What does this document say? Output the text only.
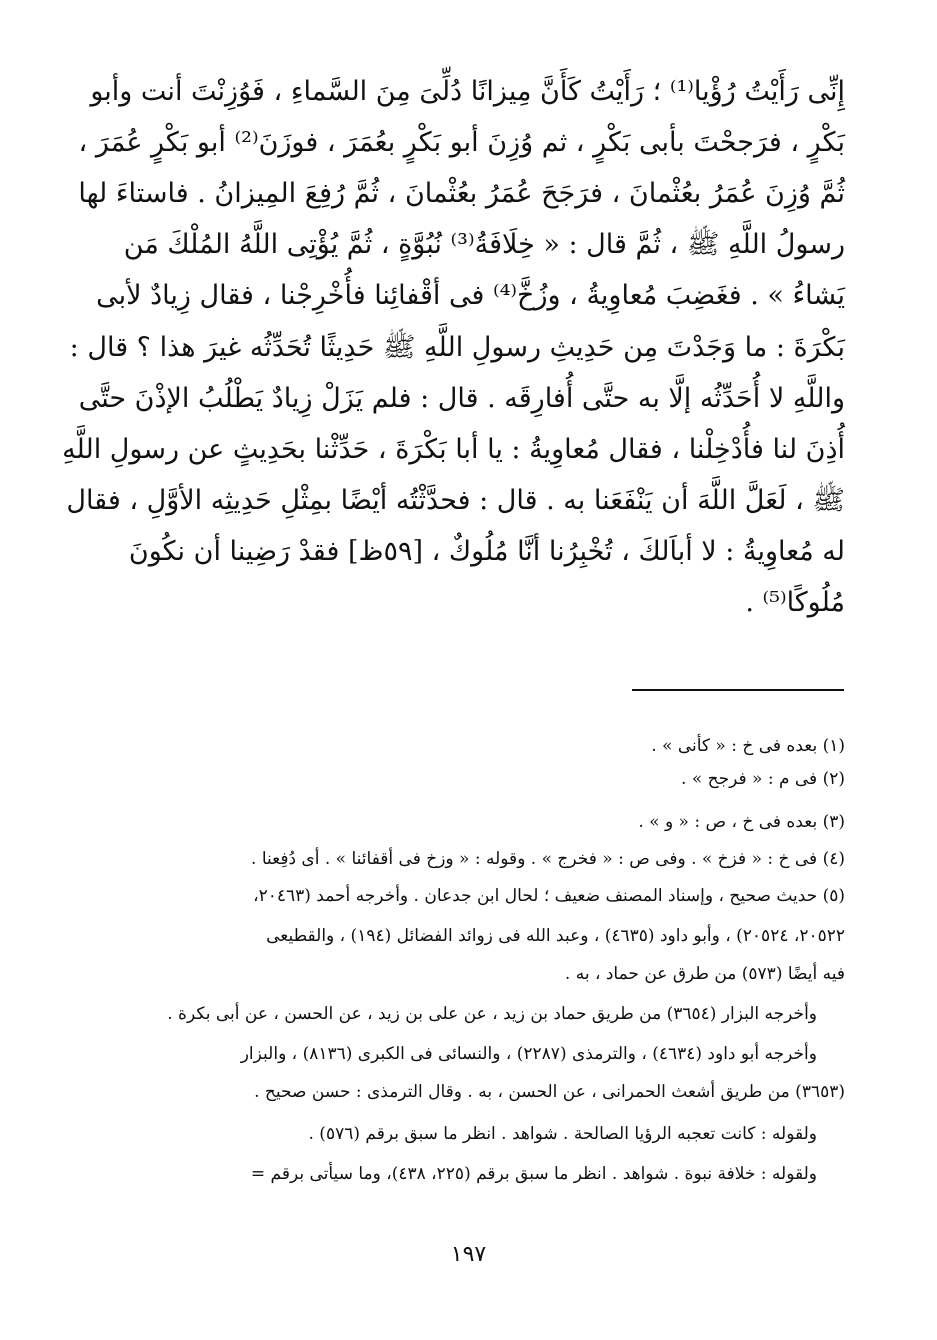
إِنِّى رَأَيْتُ رُؤْيا⁽¹⁾ ؛ رَأَيْتُ كَأَنَّ مِيزانًا دُلِّىَ مِنَ السَّماءِ ، فَوُزِنْتَ أنت وأبو
بَكْرٍ ، فرَجحْتَ بأبى بَكْرٍ ، ثم وُزِنَ أبو بَكْرٍ بعُمَرَ ، فوزَنَ⁽²⁾ أبو بَكْرٍ عُمَرَ ،
ثُمَّ وُزِنَ عُمَرُ بعُثْمانَ ، فرَجَحَ عُمَرُ بعُثْمانَ ، ثُمَّ رُفِعَ المِيزانُ . فاستاءَ لها
رسولُ اللَّهِ ﷺ ، ثُمَّ قال : « خِلَافَةُ⁽³⁾ نُبُوَّةٍ ، ثُمَّ يُؤْتِى اللَّهُ المُلْكَ مَن
يَشاءُ » . فغَضِبَ مُعاوِيةُ ، وزُخَّ⁽⁴⁾ فى أقْفائِنا فأُخْرِجْنا ، فقال زِيادٌ لأبى
بَكْرَةَ : ما وَجَدْتَ مِن حَدِيثِ رسولِ اللَّهِ ﷺ حَدِيثًا تُحَدِّثُه غيرَ هذا ؟ قال :
واللَّهِ لا أُحَدِّثُه إلَّا به حتَّى أُفارِقَه . قال : فلم يَزَلْ زِيادٌ يَطْلُبُ الإذْنَ حتَّى
أُذِنَ لنا فأُدْخِلْنا ، فقال مُعاوِيةُ : يا أبا بَكْرَةَ ، حَدِّثْنا بحَدِيثٍ عن رسولِ اللَّهِ
ﷺ ، لَعَلَّ اللَّهَ أن يَنْفَعَنا به . قال : فحدَّثْتُه أيْضًا بمِثْلِ حَدِيثِه الأوَّلِ ، فقال
له مُعاوِيةُ : لا أباَلكَ ، تُخْبِرُنا أنَّا مُلُوكٌ ، [٥٩ظ] فقدْ رَضِينا أن نكُونَ
مُلُوكًا⁽⁵⁾ .
(١) بعده فى خ : « كأنى » .
(٢) فى م : « فرجح » .
(٣) بعده فى خ ، ص : « و » .
(٤) فى خ : « فزخ » . وفى ص : « فخرج » . وقوله : « وزخ فى أقفائنا » . أى دُفِعنا .
(٥) حديث صحيح ، وإسناد المصنف ضعيف ؛ لحال ابن جدعان . وأخرجه أحمد (٢٠٤٦٣،
٢٠٥٢٢، ٢٠٥٢٤) ، وأبو داود (٤٦٣٥) ، وعبد الله فى زوائد الفضائل (١٩٤) ، والقطيعى
فيه أيضًا (٥٧٣) من طرق عن حماد ، به .
وأخرجه البزار (٣٦٥٤) من طريق حماد بن زيد ، عن على بن زيد ، عن الحسن ، عن أبى بكرة .
وأخرجه أبو داود (٤٦٣٤) ، والترمذى (٢٢٨٧) ، والنسائى فى الكبرى (٨١٣٦) ، والبزار
(٣٦٥٣) من طريق أشعث الحمرانى ، عن الحسن ، به . وقال الترمذى : حسن صحيح .
ولقوله : كانت تعجبه الرؤيا الصالحة . شواهد . انظر ما سبق برقم (٥٧٦) .
ولقوله : خلافة نبوة . شواهد . انظر ما سبق برقم (٢٢٥، ٤٣٨)، وما سيأتى برقم =
١٩٧
